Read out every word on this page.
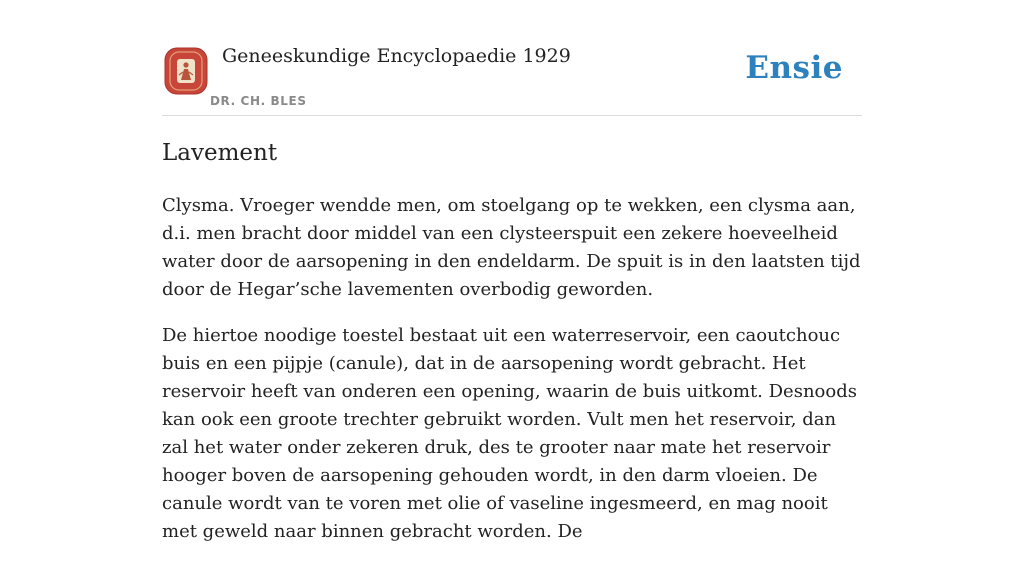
Geneeskundige Encyclopaedie 1929
DR. CH. BLES
Ensie
Lavement

Clysma. Vroeger wendde men, om stoelgang op te wekken, een clysma aan, d.i. men bracht door middel van een clysteerspuit een zekere hoeveelheid water door de aarsopening in den endeldarm. De spuit is in den laatsten tijd door de Hegar’sche lavementen overbodig geworden.

De hiertoe noodige toestel bestaat uit een waterreservoir, een caoutchouc buis en een pijpje (canule), dat in de aarsopening wordt gebracht. Het reservoir heeft van onderen een opening, waarin de buis uitkomt. Desnoods kan ook een groote trechter gebruikt worden. Vult men het reservoir, dan zal het water onder zekeren druk, des te grooter naar mate het reservoir hooger boven de aarsopening gehouden wordt, in den darm vloeien. De canule wordt van te voren met olie of vaseline ingesmeerd, en mag nooit met geweld naar binnen gebracht worden. De
